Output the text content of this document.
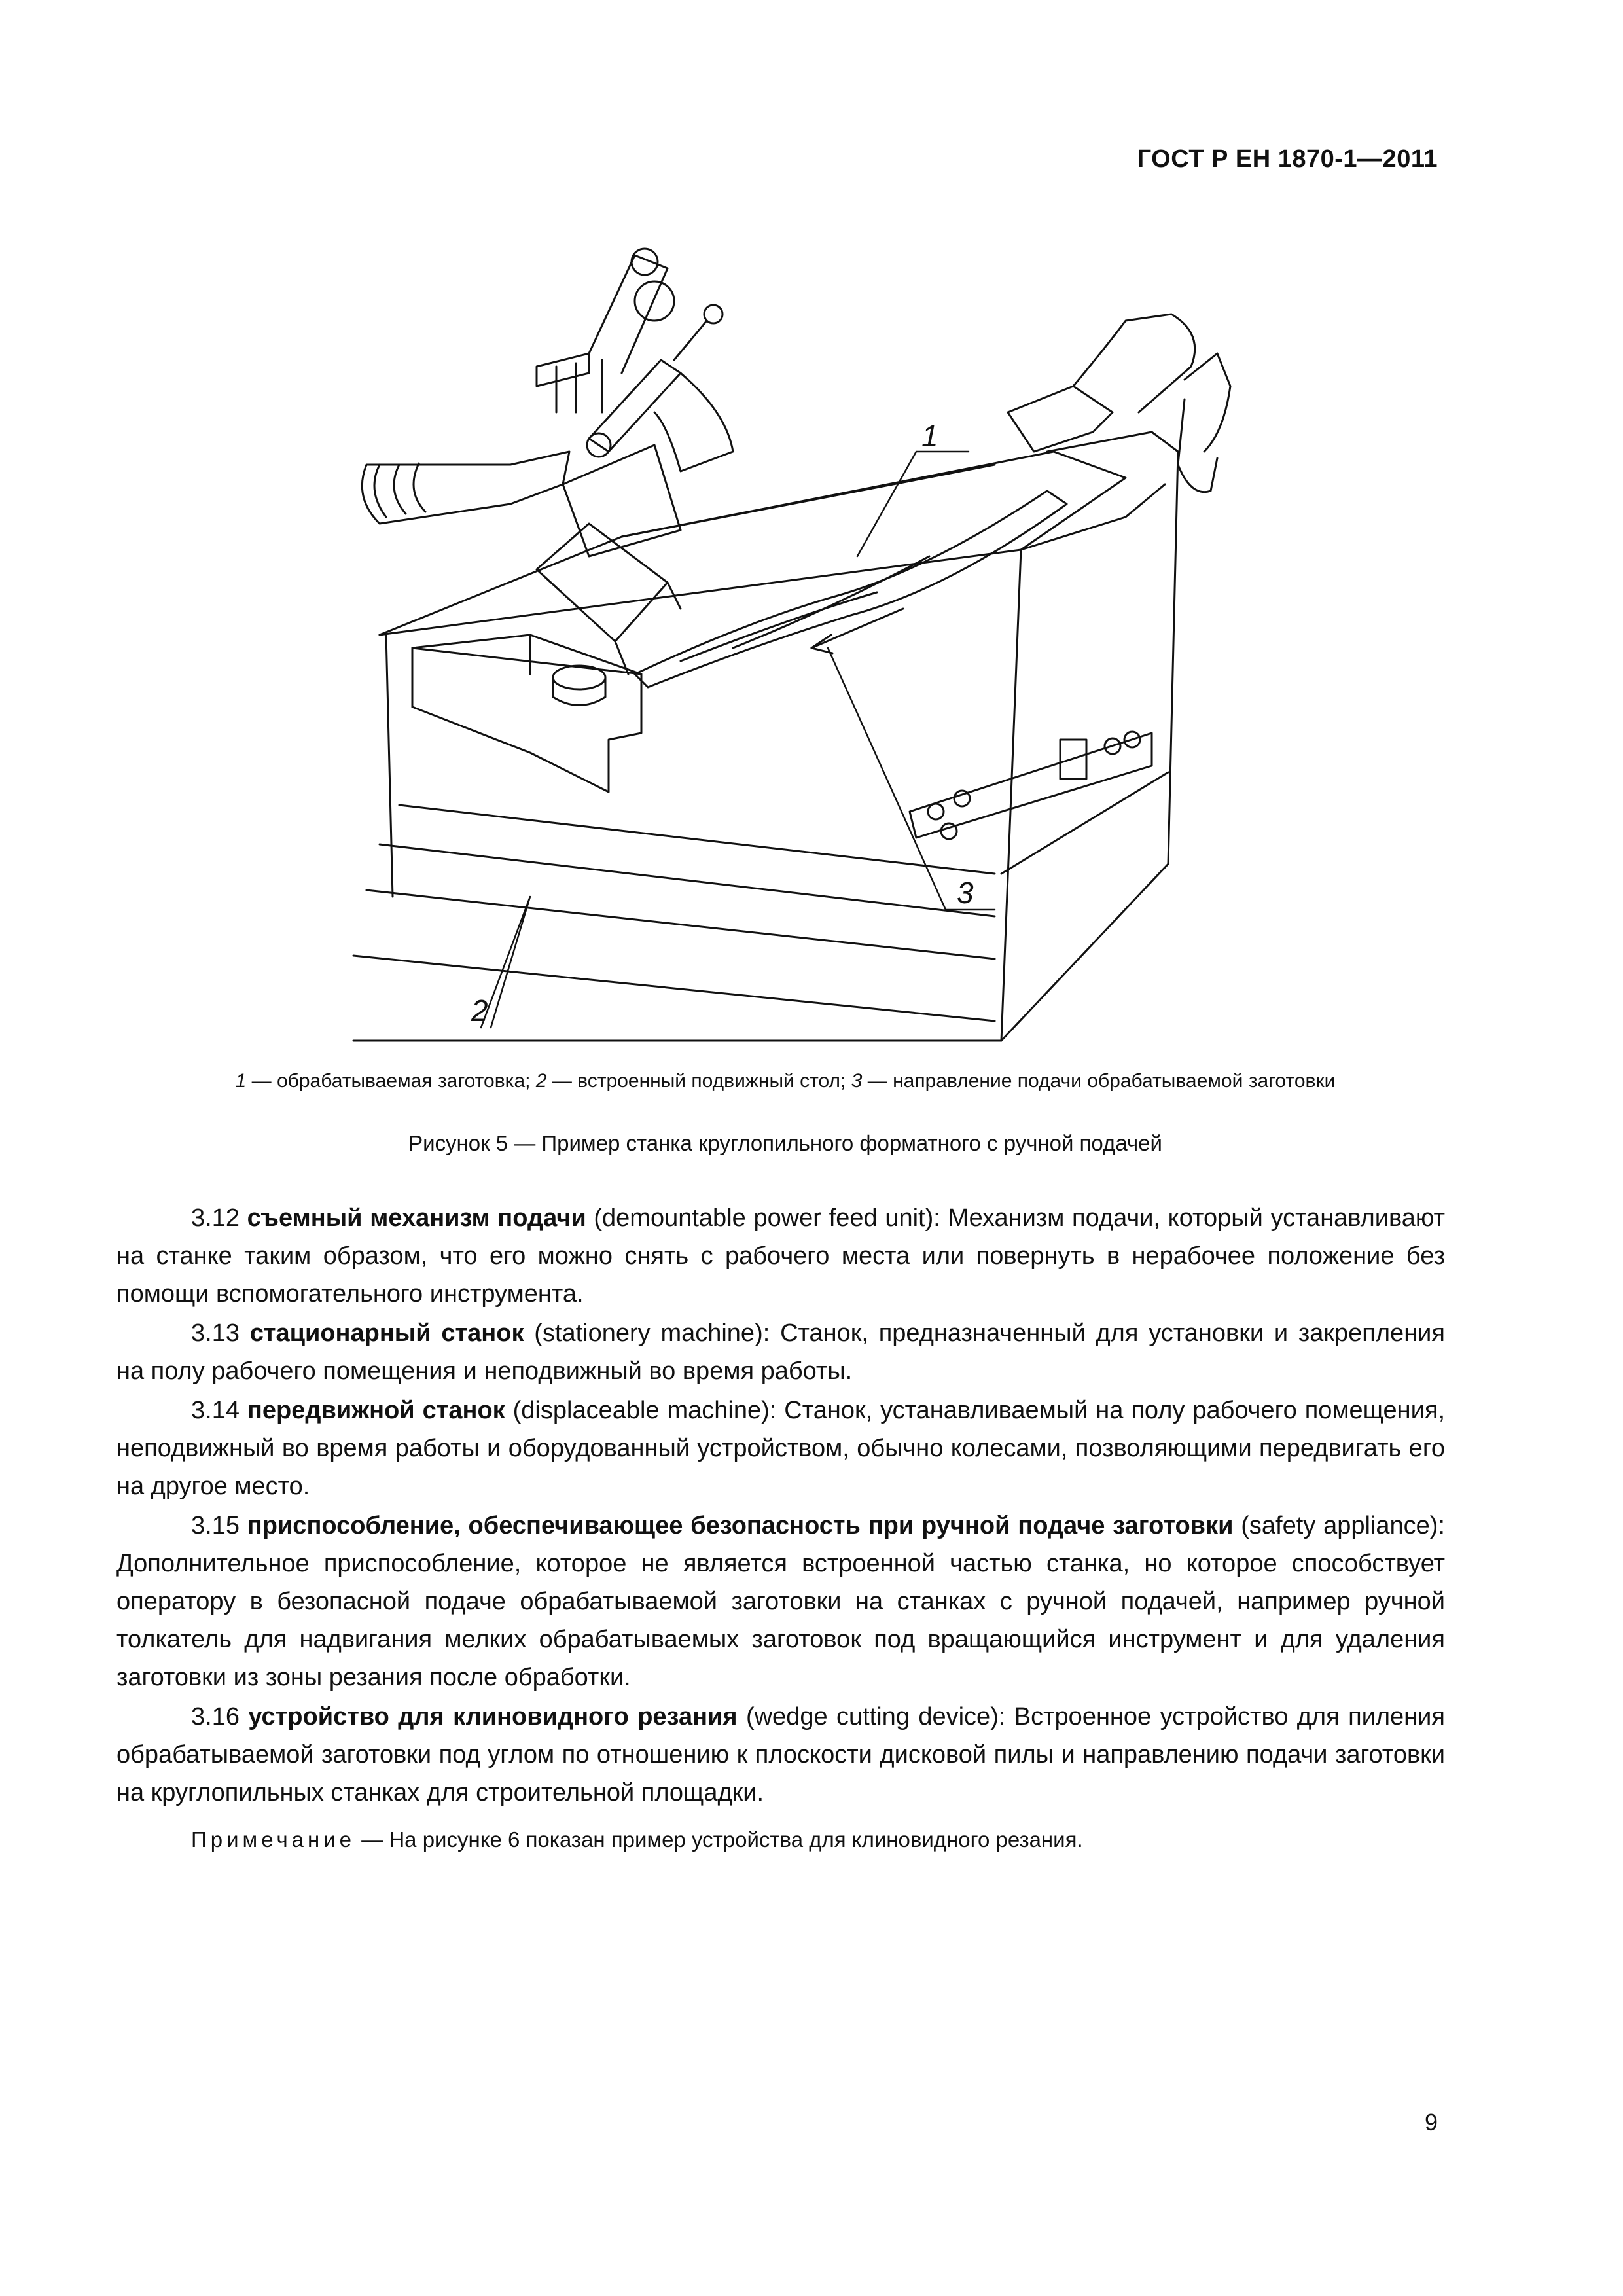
ГОСТ Р ЕН 1870-1—2011
1
2
3
1 — обрабатываемая заготовка; 2 — встроенный подвижный стол; 3 — направление подачи обрабатываемой заготовки
Рисунок 5 — Пример станка круглопильного форматного с ручной подачей

3.12 съемный механизм подачи (demountable power feed unit): Механизм подачи, который устанавливают на станке таким образом, что его можно снять с рабочего места или повернуть в нерабочее положение без помощи вспомогательного инструмента.

3.13 стационарный станок (stationery machine): Станок, предназначенный для установки и закрепления на полу рабочего помещения и неподвижный во время работы.

3.14 передвижной станок (displaceable machine): Станок, устанавливаемый на полу рабочего помещения, неподвижный во время работы и оборудованный устройством, обычно колесами, позволяющими передвигать его на другое место.

3.15 приспособление, обеспечивающее безопасность при ручной подаче заготовки (safety appliance): Дополнительное приспособление, которое не является встроенной частью станка, но которое способствует оператору в безопасной подаче обрабатываемой заготовки на станках с ручной подачей, например ручной толкатель для надвигания мелких обрабатываемых заготовок под вращающийся инструмент и для удаления заготовки из зоны резания после обработки.

3.16 устройство для клиновидного резания (wedge cutting device): Встроенное устройство для пиления обрабатываемой заготовки под углом по отношению к плоскости дисковой пилы и направлению подачи заготовки на круглопильных станках для строительной площадки.

Примечание — На рисунке 6 показан пример устройства для клиновидного резания.

9
